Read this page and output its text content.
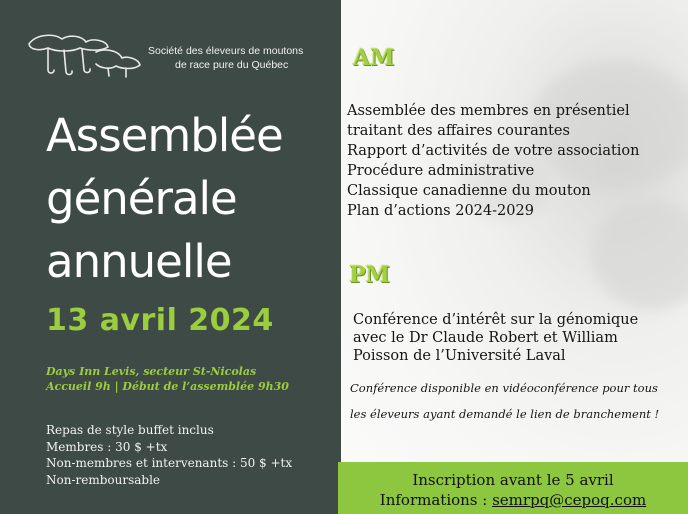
Société des éleveurs de moutons
de race pure du Québec
Assemblée
générale
annuelle
13 avril 2024
Days Inn Levis, secteur St-Nicolas
Accueil 9h | Début de l’assemblée 9h30
Repas de style buffet inclus
Membres : 30 $ +tx
Non-membres et intervenants : 50 $ +tx
Non-remboursable
AM
Assemblée des membres en présentiel
traitant des affaires courantes
Rapport d’activités de votre association
Procédure administrative
Classique canadienne du mouton
Plan d’actions 2024-2029
PM
Conférence d’intérêt sur la génomique
avec le Dr Claude Robert et William
Poisson de l’Université Laval
Conférence disponible en vidéoconférence pour tous
les éleveurs ayant demandé le lien de branchement !
Inscription avant le 5 avril
Informations : semrpq@cepoq.com
